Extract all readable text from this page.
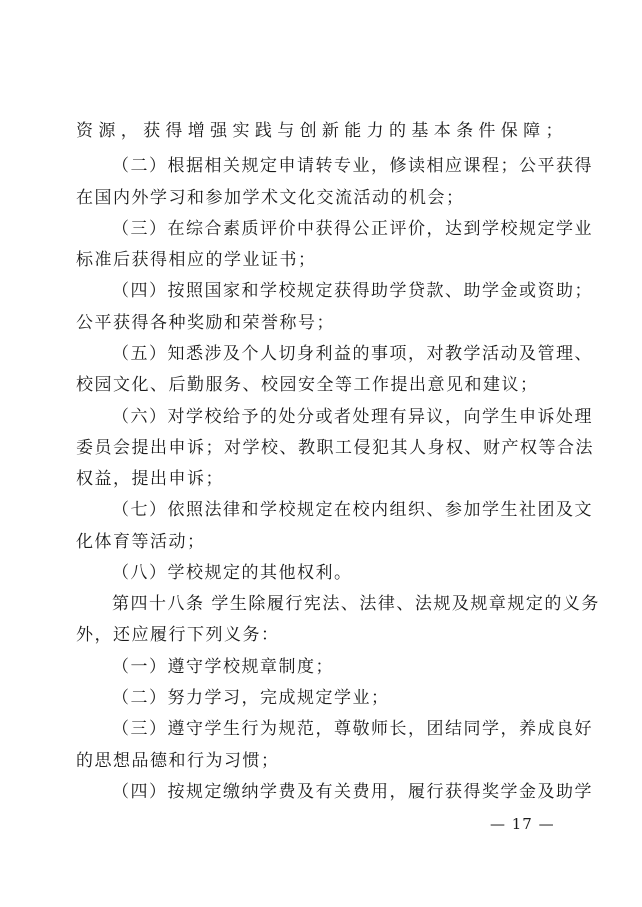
资源，获得增强实践与创新能力的基本条件保障；
（二）根据相关规定申请转专业，修读相应课程；公平获得
在国内外学习和参加学术文化交流活动的机会；
（三）在综合素质评价中获得公正评价，达到学校规定学业
标准后获得相应的学业证书；
（四）按照国家和学校规定获得助学贷款、助学金或资助；
公平获得各种奖励和荣誉称号；
（五）知悉涉及个人切身利益的事项，对教学活动及管理、
校园文化、后勤服务、校园安全等工作提出意见和建议；
（六）对学校给予的处分或者处理有异议，向学生申诉处理
委员会提出申诉；对学校、教职工侵犯其人身权、财产权等合法
权益，提出申诉；
（七）依照法律和学校规定在校内组织、参加学生社团及文
化体育等活动；
（八）学校规定的其他权利。
第四十八条 学生除履行宪法、法律、法规及规章规定的义务
外，还应履行下列义务：
（一）遵守学校规章制度；
（二）努力学习，完成规定学业；
（三）遵守学生行为规范，尊敬师长，团结同学，养成良好
的思想品德和行为习惯；
（四）按规定缴纳学费及有关费用，履行获得奖学金及助学
— 17 —
